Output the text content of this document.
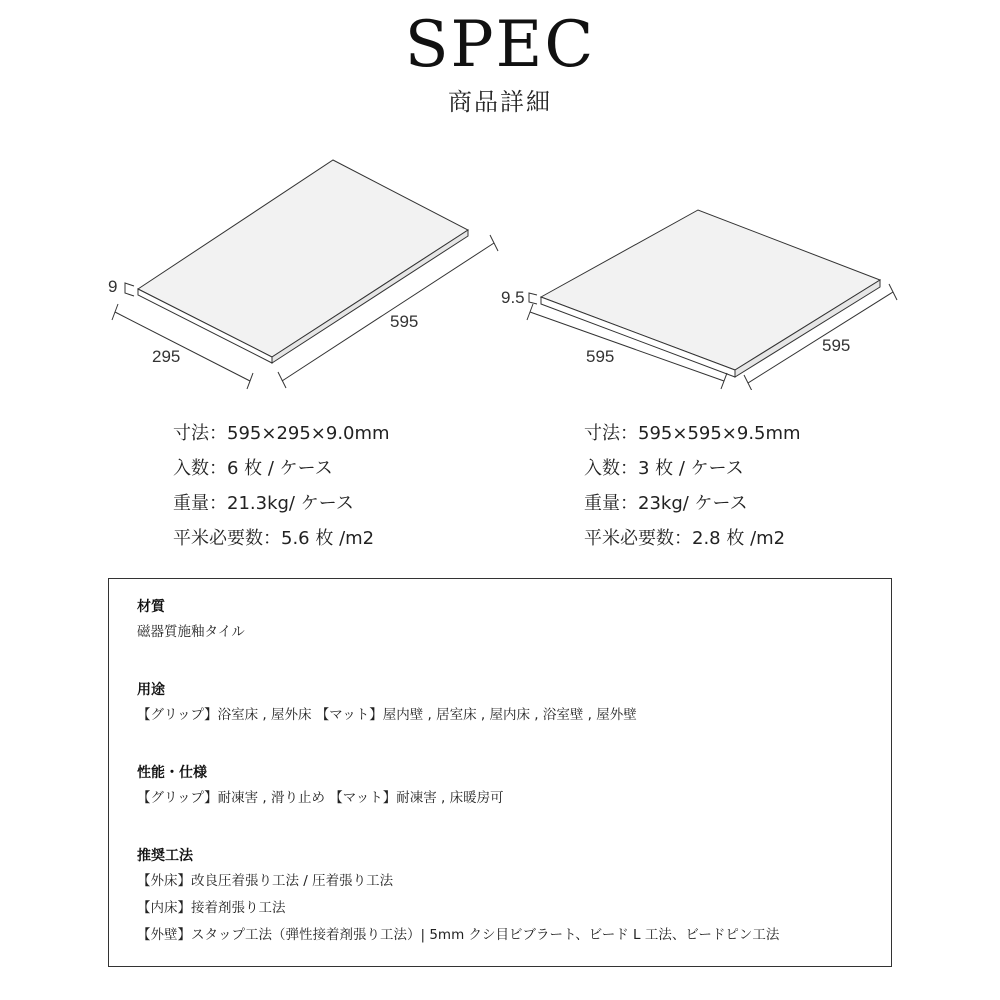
SPEC
商品詳細
9
595
295
9.5
595
595
寸法：595×295×9.0mm
入数：6 枚 / ケース
重量：21.3kg/ ケース
平米必要数：5.6 枚 /m2
寸法：595×595×9.5mm
入数：3 枚 / ケース
重量：23kg/ ケース
平米必要数：2.8 枚 /m2
材質
磁器質施釉タイル
用途
【グリップ】浴室床 , 屋外床 【マット】屋内壁 , 居室床 , 屋内床 , 浴室壁 , 屋外壁
性能・仕様
【グリップ】耐凍害 , 滑り止め 【マット】耐凍害 , 床暖房可
推奨工法
【外床】改良圧着張り工法 / 圧着張り工法
【内床】接着剤張り工法
【外壁】スタップ工法（弾性接着剤張り工法）| 5mm クシ目ビブラート、ビード L 工法、ビードピン工法
